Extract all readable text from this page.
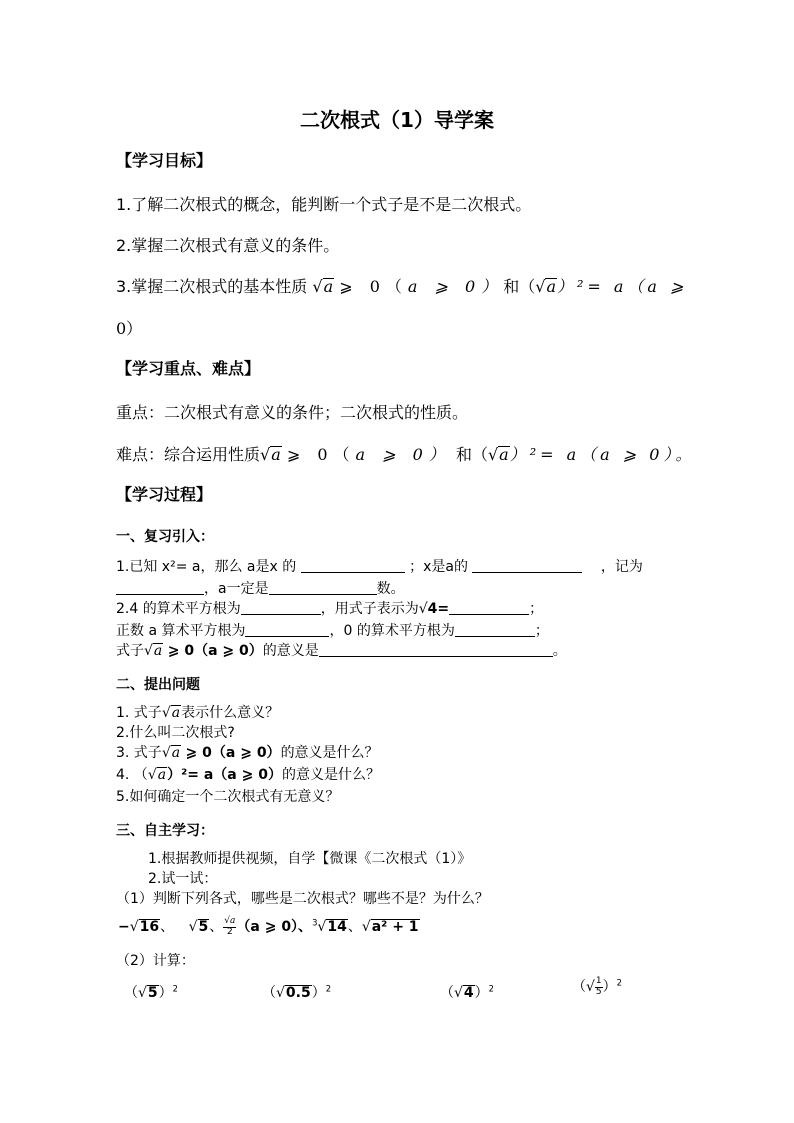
二次根式（1）导学案
【学习目标】
1.了解二次根式的概念，能判断一个式子是不是二次根式。
2.掌握二次根式有意义的条件。
3.掌握二次根式的基本性质 √a ⩾ 0（a ⩾ 0）和（√a）²= a（a ⩾
0）
【学习重点、难点】
重点：二次根式有意义的条件；二次根式的性质。
难点：综合运用性质√a ⩾ 0（a ⩾ 0） 和（√a）²= a（a ⩾ 0）。
【学习过程】
一、复习引入：
1.已知 x²= a，那么 a是x 的	；x是a的	，记为
，a一定是	数。
2.4 的算术平方根为	，用式子表示为√4=	；
正数 a 算术平方根为	，0 的算术平方根为	；
式子√a ⩾ 0（a ⩾ 0）的意义是	。
二、提出问题
1. 式子√a表示什么意义？
2.什么叫二次根式?
3. 式子√a ⩾ 0（a ⩾ 0）的意义是什么？
4. （√a）²= a（a ⩾ 0）的意义是什么？
5.如何确定一个二次根式有无意义？
三、自主学习：
1.根据教师提供视频，自学【微课《二次根式（1）》
2.试一试：
（1）判断下列各式，哪些是二次根式？哪些不是？为什么？
−√16、 √5、 $\frac{√a}{2} (a$ ⩾ 0）、$^3$√14、√a² + 1
（2）计算：
$(√5)^2$	$(√0.5)^2$	$(√4)^2$	（√ $\frac{1}{5} )^2$
